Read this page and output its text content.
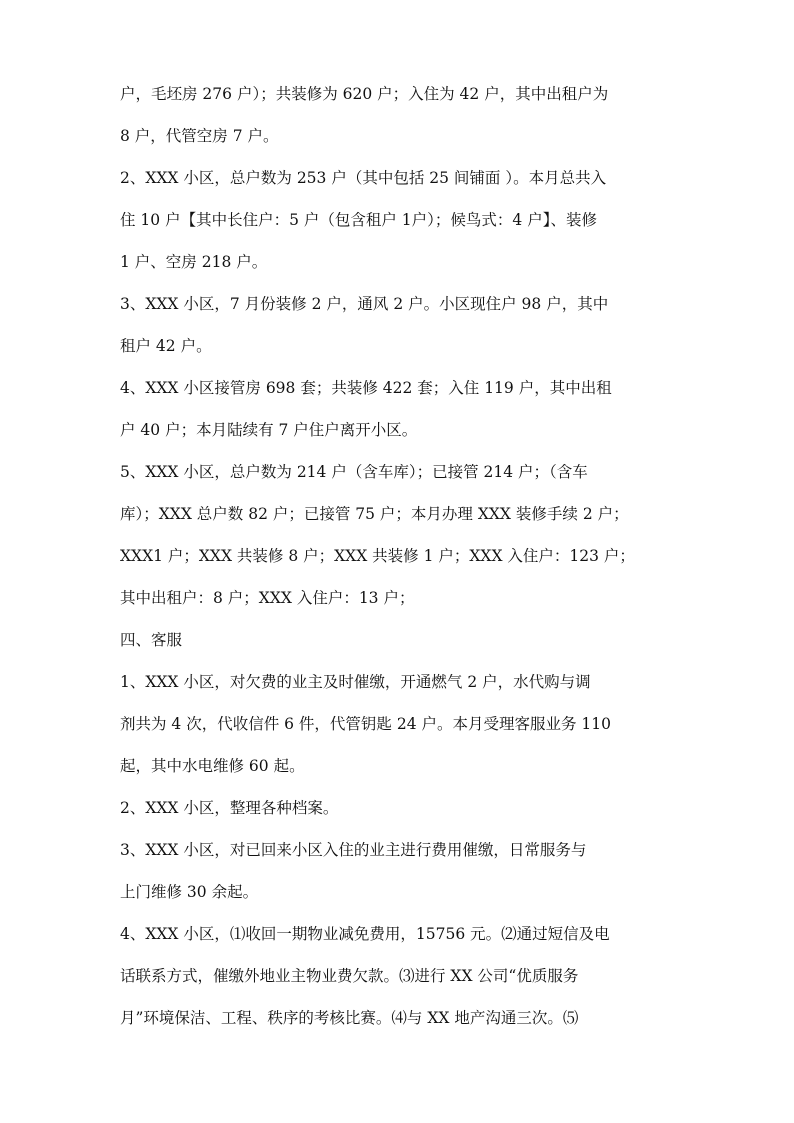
户，毛坯房 276 户）；共装修为 620 户；入住为 42 户，其中出租户为
8 户，代管空房 7 户。
2、XXX 小区，总户数为 253 户（其中包括 25 间铺面 ）。本月总共入
住 10 户【其中长住户：5 户（包含租户 1户）；候鸟式：4 户】、装修
1 户、空房 218 户。
3、XXX 小区，7 月份装修 2 户，通风 2 户。小区现住户 98 户，其中
租户 42 户。
4、XXX 小区接管房 698 套；共装修 422 套；入住 119 户，其中出租
户 40 户；本月陆续有 7 户住户离开小区。
5、XXX 小区，总户数为 214 户（含车库）；已接管 214 户；（含车
库）；XXX 总户数 82 户；已接管 75 户；本月办理 XXX 装修手续 2 户；
XXX1 户；XXX 共装修 8 户；XXX 共装修 1 户；XXX 入住户：123 户；
其中出租户：8 户；XXX 入住户：13 户；
四、客服
1、XXX 小区，对欠费的业主及时催缴，开通燃气 2 户，水代购与调
剂共为 4 次，代收信件 6 件，代管钥匙 24 户。本月受理客服业务 110
起，其中水电维修 60 起。
2、XXX 小区，整理各种档案。
3、XXX 小区，对已回来小区入住的业主进行费用催缴，日常服务与
上门维修 30 余起。
4、XXX 小区，⑴收回一期物业减免费用，15756 元。⑵通过短信及电
话联系方式，催缴外地业主物业费欠款。⑶进行 XX 公司“优质服务
月”环境保洁、工程、秩序的考核比赛。⑷与 XX 地产沟通三次。⑸
